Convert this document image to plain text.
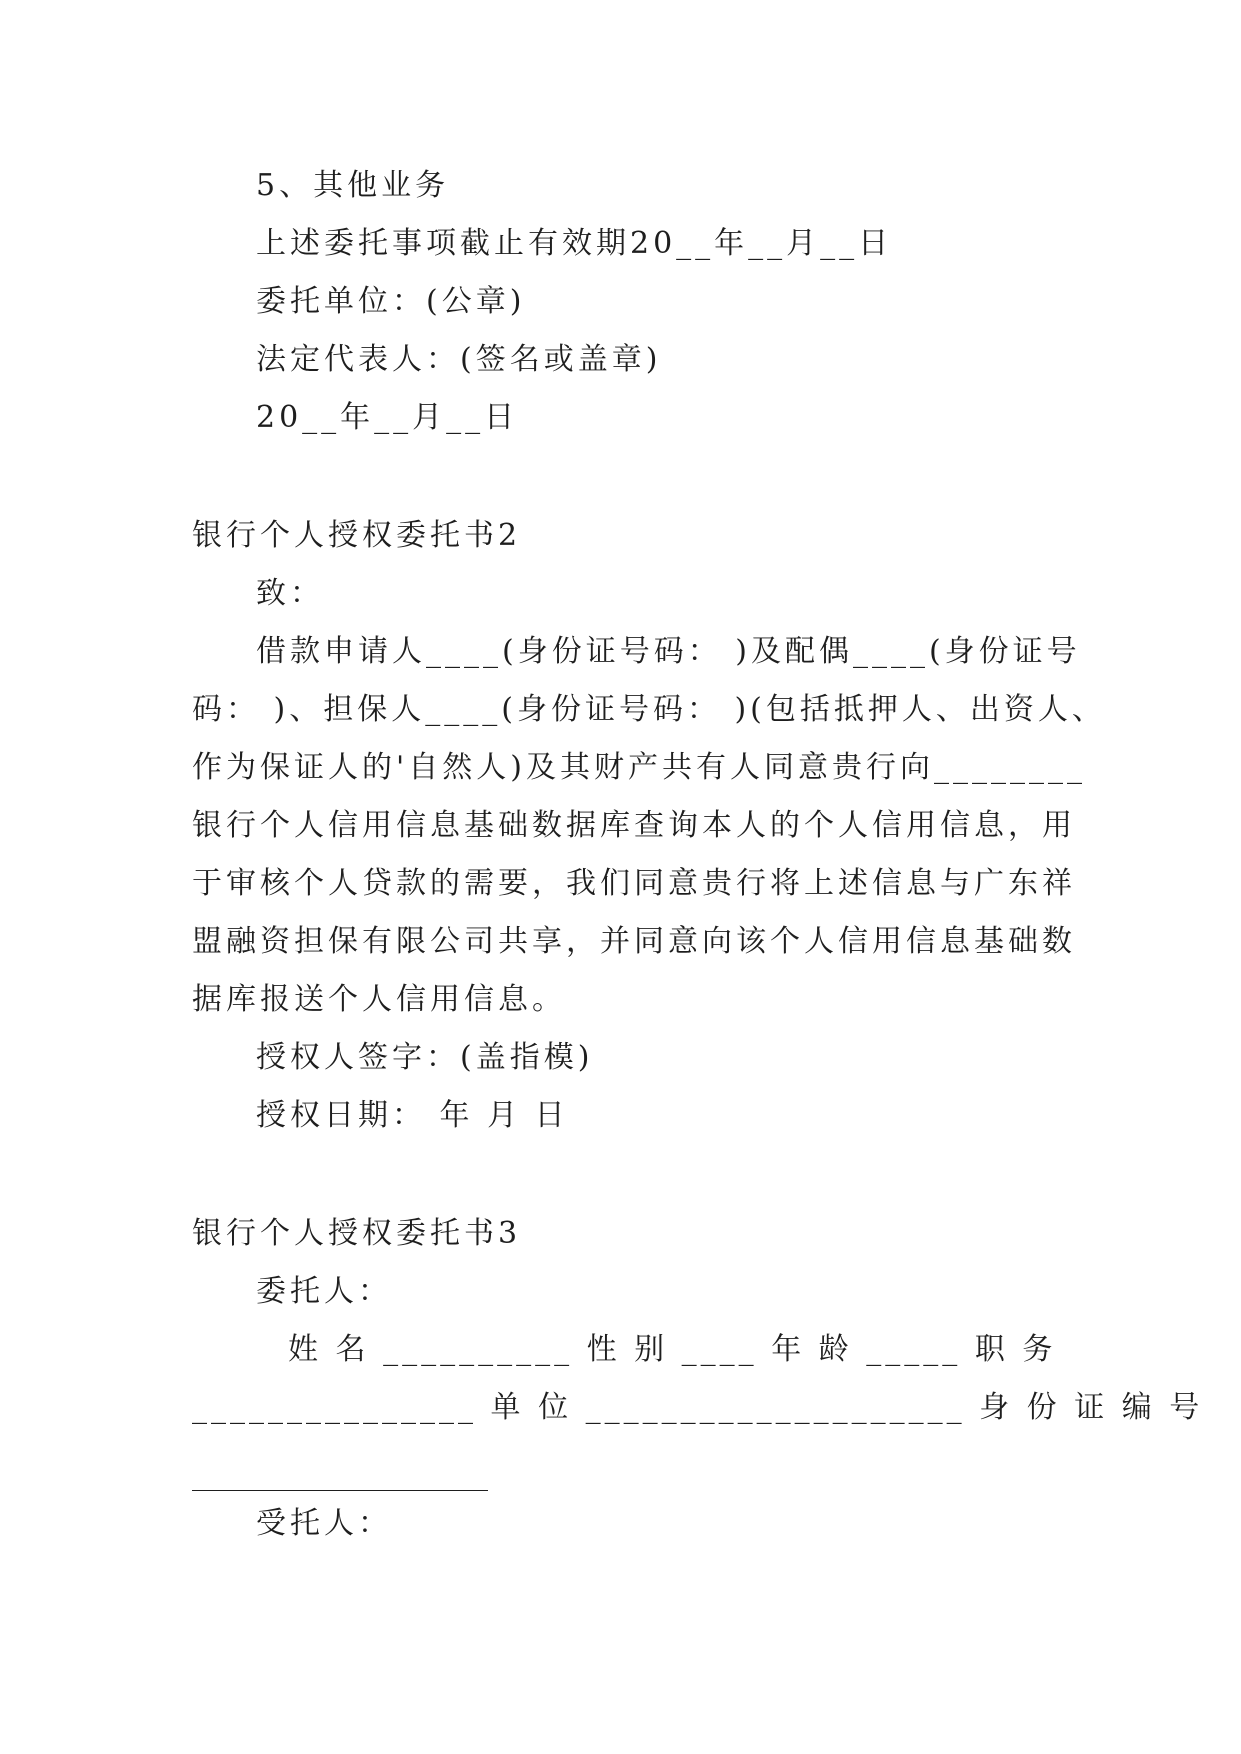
5、其他业务
上述委托事项截止有效期20__年__月__日
委托单位：(公章)
法定代表人：(签名或盖章)
20__年__月__日
银行个人授权委托书2
致：
借款申请人____(身份证号码： )及配偶____(身份证号
码： )、担保人____(身份证号码： )(包括抵押人、出资人、
作为保证人的'自然人)及其财产共有人同意贵行向________
银行个人信用信息基础数据库查询本人的个人信用信息，用
于审核个人贷款的需要，我们同意贵行将上述信息与广东祥
盟融资担保有限公司共享，并同意向该个人信用信息基础数
据库报送个人信用信息。
授权人签字：(盖指模)
授权日期： 年 月 日
银行个人授权委托书3
委托人：
姓 名 __________ 性 别 ____ 年 龄 _____ 职 务
_______________ 单 位 ____________________ 身 份 证 编 号
受托人：
